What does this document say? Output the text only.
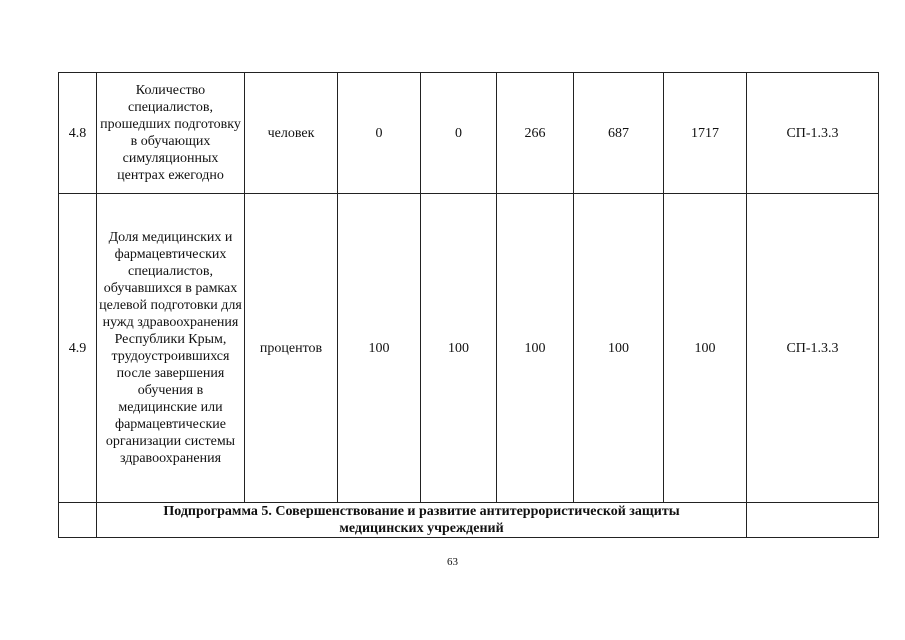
4.8	Количество специалистов, прошедших подготовку в обучающих симуляционных центрах ежегодно	человек	0	0	266	687	1717	СП-1.3.3
4.9	Доля медицинских и фармацевтических специалистов, обучавшихся в рамках целевой подготовки для нужд здравоохранения Республики Крым, трудоустроившихся после завершения обучения в медицинские или фармацевтические организации системы здравоохранения	процентов	100	100	100	100	100	СП-1.3.3
	Подпрограмма 5. Совершенствование и развитие антитеррористической защиты
медицинских учреждений							
63
